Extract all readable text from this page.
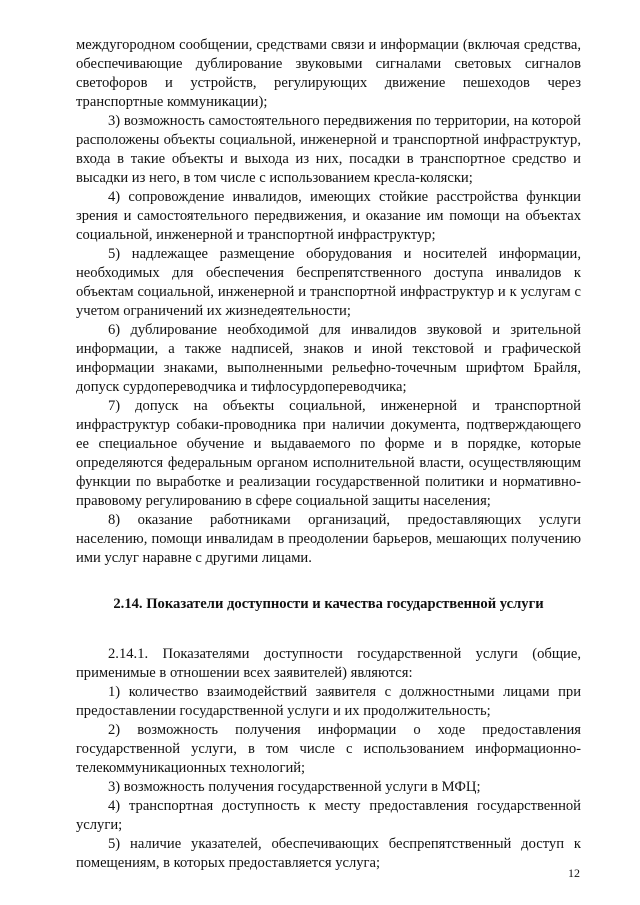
междугородном сообщении, средствами связи и информации (включая средства, обеспечивающие дублирование звуковыми сигналами световых сигналов светофоров и устройств, регулирующих движение пешеходов через транспортные коммуникации);

3) возможность самостоятельного передвижения по территории, на которой расположены объекты социальной, инженерной и транспортной инфраструктур, входа в такие объекты и выхода из них, посадки в транспортное средство и высадки из него, в том числе с использованием кресла-коляски;

4) сопровождение инвалидов, имеющих стойкие расстройства функции зрения и самостоятельного передвижения, и оказание им помощи на объектах социальной, инженерной и транспортной инфраструктур;

5) надлежащее размещение оборудования и носителей информации, необходимых для обеспечения беспрепятственного доступа инвалидов к объектам социальной, инженерной и транспортной инфраструктур и к услугам с учетом ограничений их жизнедеятельности;

6) дублирование необходимой для инвалидов звуковой и зрительной информации, а также надписей, знаков и иной текстовой и графической информации знаками, выполненными рельефно-точечным шрифтом Брайля, допуск сурдопереводчика и тифлосурдопереводчика;

7) допуск на объекты социальной, инженерной и транспортной инфраструктур собаки-проводника при наличии документа, подтверждающего ее специальное обучение и выдаваемого по форме и в порядке, которые определяются федеральным органом исполнительной власти, осуществляющим функции по выработке и реализации государственной политики и нормативно-правовому регулированию в сфере социальной защиты населения;

8) оказание работниками организаций, предоставляющих услуги населению, помощи инвалидам в преодолении барьеров, мешающих получению ими услуг наравне с другими лицами.

2.14. Показатели доступности и качества государственной услуги

2.14.1. Показателями доступности государственной услуги (общие, применимые в отношении всех заявителей) являются:

1) количество взаимодействий заявителя с должностными лицами при предоставлении государственной услуги и их продолжительность;

2) возможность получения информации о ходе предоставления государственной услуги, в том числе с использованием информационно-телекоммуникационных технологий;

3) возможность получения государственной услуги в МФЦ;

4) транспортная доступность к месту предоставления государственной услуги;

5) наличие указателей, обеспечивающих беспрепятственный доступ к помещениям, в которых предоставляется услуга;

12
